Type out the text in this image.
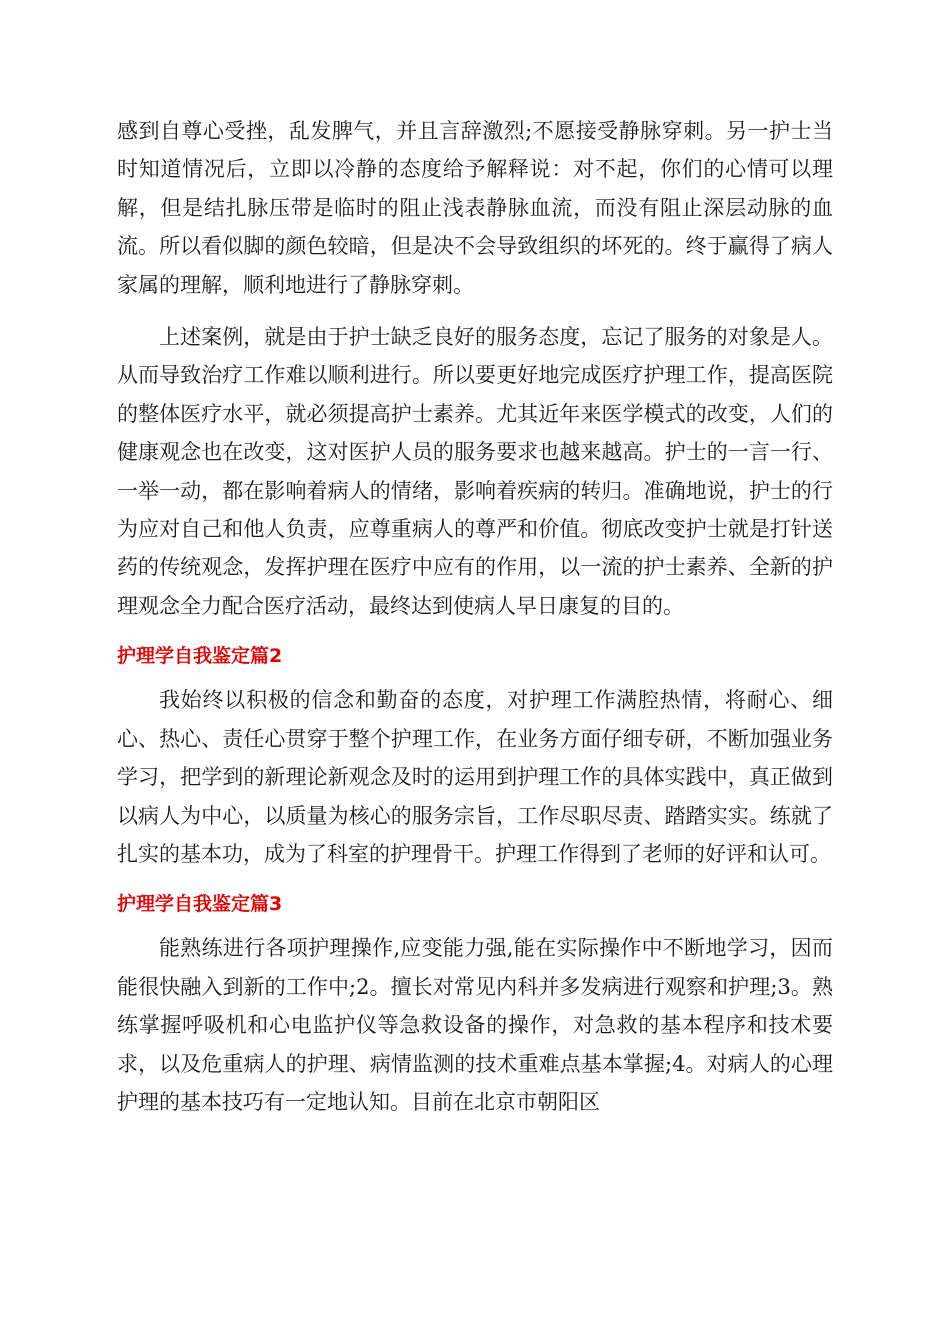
感到自尊心受挫，乱发脾气，并且言辞激烈;不愿接受静脉穿刺。另一护士当时知道情况后，立即以冷静的态度给予解释说：对不起，你们的心情可以理解，但是结扎脉压带是临时的阻止浅表静脉血流，而没有阻止深层动脉的血流。所以看似脚的颜色较暗，但是决不会导致组织的坏死的。终于赢得了病人家属的理解，顺利地进行了静脉穿刺。

上述案例，就是由于护士缺乏良好的服务态度，忘记了服务的对象是人。从而导致治疗工作难以顺利进行。所以要更好地完成医疗护理工作，提高医院的整体医疗水平，就必须提高护士素养。尤其近年来医学模式的改变，人们的健康观念也在改变，这对医护人员的服务要求也越来越高。护士的一言一行、一举一动，都在影响着病人的情绪，影响着疾病的转归。准确地说，护士的行为应对自己和他人负责，应尊重病人的尊严和价值。彻底改变护士就是打针送药的传统观念，发挥护理在医疗中应有的作用，以一流的护士素养、全新的护理观念全力配合医疗活动，最终达到使病人早日康复的目的。

护理学自我鉴定篇2

我始终以积极的信念和勤奋的态度，对护理工作满腔热情，将耐心、细心、热心、责任心贯穿于整个护理工作，在业务方面仔细专研，不断加强业务学习，把学到的新理论新观念及时的运用到护理工作的具体实践中，真正做到以病人为中心，以质量为核心的服务宗旨，工作尽职尽责、踏踏实实。练就了扎实的基本功，成为了科室的护理骨干。护理工作得到了老师的好评和认可。

护理学自我鉴定篇3

能熟练进行各项护理操作,应变能力强,能在实际操作中不断地学习，因而能很快融入到新的工作中;2。擅长对常见内科并多发病进行观察和护理;3。熟练掌握呼吸机和心电监护仪等急救设备的操作，对急救的基本程序和技术要求，以及危重病人的护理、病情监测的技术重难点基本掌握;4。对病人的心理护理的基本技巧有一定地认知。目前在北京市朝阳区
